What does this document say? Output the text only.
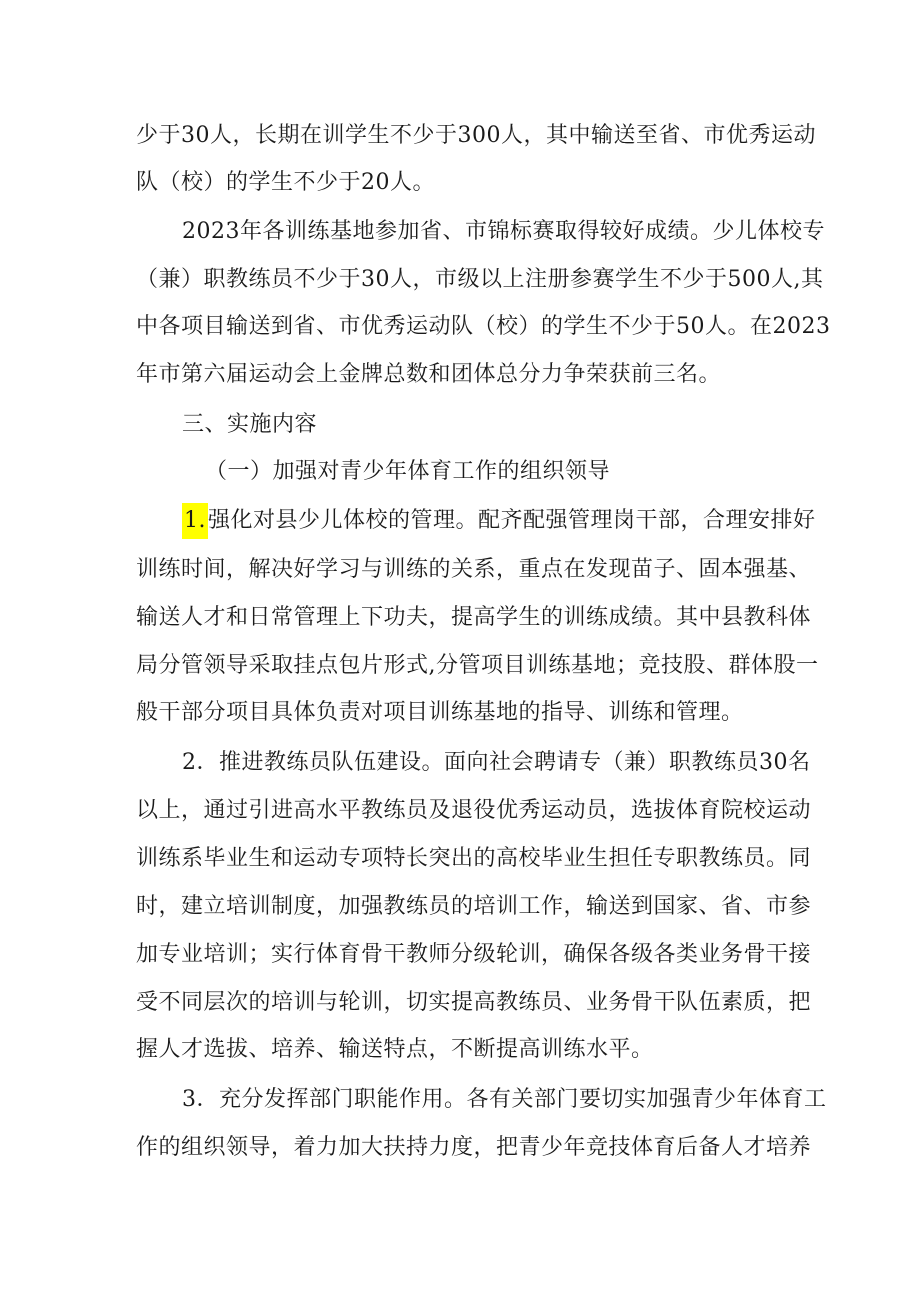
少于30人，长期在训学生不少于300人，其中输送至省、市优秀运动
队（校）的学生不少于20人。
2023年各训练基地参加省、市锦标赛取得较好成绩。少儿体校专
（兼）职教练员不少于30人，市级以上注册参赛学生不少于500人,其
中各项目输送到省、市优秀运动队（校）的学生不少于50人。在2023
年市第六届运动会上金牌总数和团体总分力争荣获前三名。
三、实施内容
（一）加强对青少年体育工作的组织领导
1.强化对县少儿体校的管理。配齐配强管理岗干部，合理安排好
训练时间，解决好学习与训练的关系，重点在发现苗子、固本强基、
输送人才和日常管理上下功夫，提高学生的训练成绩。其中县教科体
局分管领导采取挂点包片形式,分管项目训练基地；竞技股、群体股一
般干部分项目具体负责对项目训练基地的指导、训练和管理。
2．推进教练员队伍建设。面向社会聘请专（兼）职教练员30名
以上，通过引进高水平教练员及退役优秀运动员，选拔体育院校运动
训练系毕业生和运动专项特长突出的高校毕业生担任专职教练员。同
时，建立培训制度，加强教练员的培训工作，输送到国家、省、市参
加专业培训；实行体育骨干教师分级轮训，确保各级各类业务骨干接
受不同层次的培训与轮训，切实提高教练员、业务骨干队伍素质，把
握人才选拔、培养、输送特点，不断提高训练水平。
3．充分发挥部门职能作用。各有关部门要切实加强青少年体育工
作的组织领导，着力加大扶持力度，把青少年竞技体育后备人才培养
